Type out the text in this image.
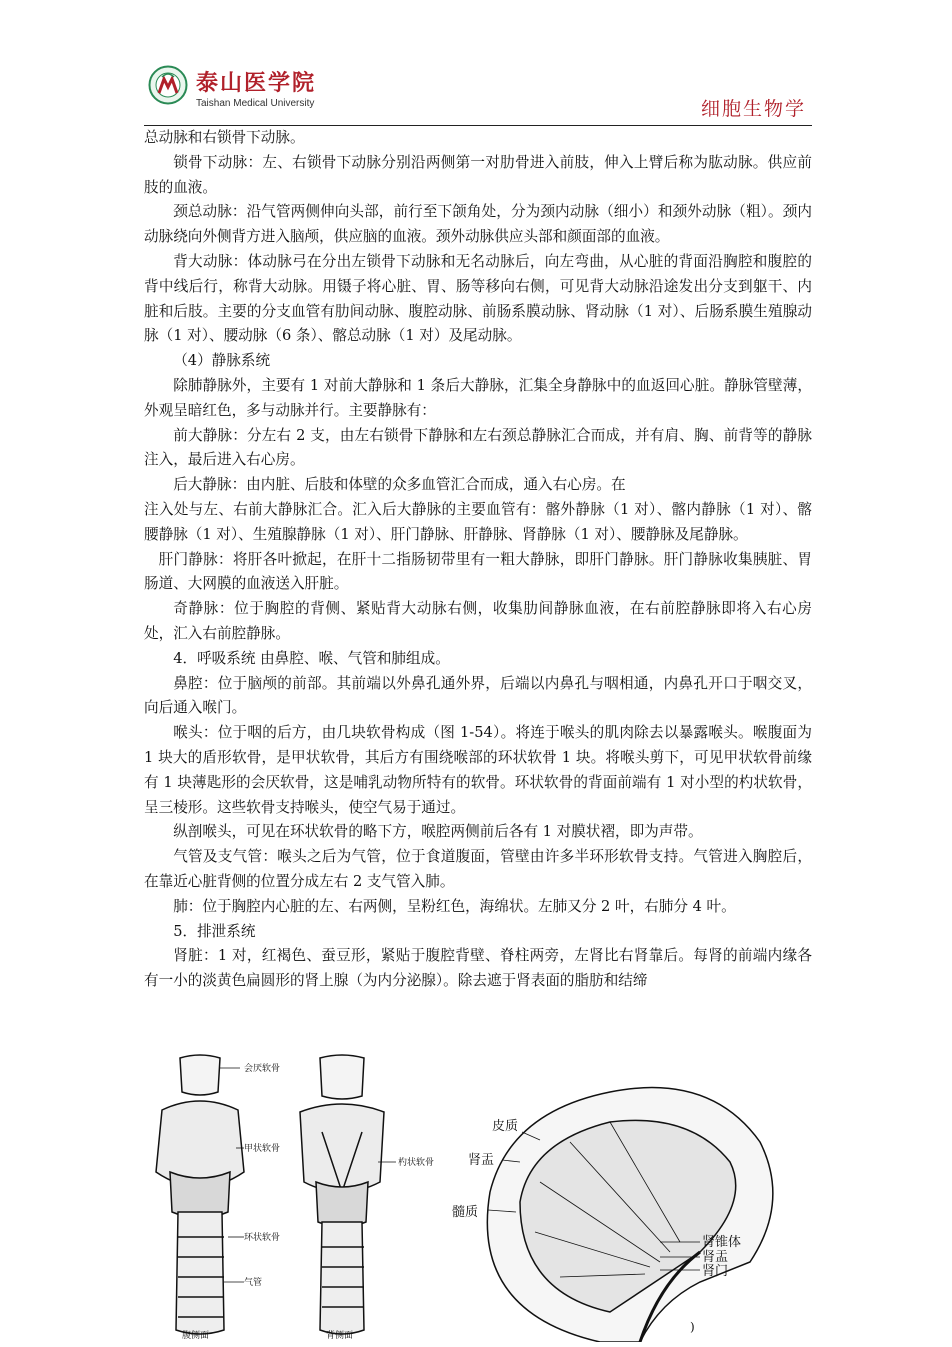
泰山医学院
Taishan Medical University	细胞生物学

总动脉和右锁骨下动脉。

锁骨下动脉：左、右锁骨下动脉分别沿两侧第一对肋骨进入前肢，伸入上臂后称为肱动脉。供应前肢的血液。

颈总动脉：沿气管两侧伸向头部，前行至下颌角处，分为颈内动脉（细小）和颈外动脉（粗）。颈内动脉绕向外侧背方进入脑颅，供应脑的血液。颈外动脉供应头部和颜面部的血液。

背大动脉：体动脉弓在分出左锁骨下动脉和无名动脉后，向左弯曲，从心脏的背面沿胸腔和腹腔的背中线后行，称背大动脉。用镊子将心脏、胃、肠等移向右侧，可见背大动脉沿途发出分支到躯干、内脏和后肢。主要的分支血管有肋间动脉、腹腔动脉、前肠系膜动脉、肾动脉（1 对）、后肠系膜生殖腺动脉（1 对）、腰动脉（6 条）、髂总动脉（1 对）及尾动脉。

（4）静脉系统

除肺静脉外，主要有 1 对前大静脉和 1 条后大静脉，汇集全身静脉中的血返回心脏。静脉管壁薄，外观呈暗红色，多与动脉并行。主要静脉有：

前大静脉：分左右 2 支，由左右锁骨下静脉和左右颈总静脉汇合而成，并有肩、胸、前背等的静脉注入，最后进入右心房。

后大静脉：由内脏、后肢和体壁的众多血管汇合而成，通入右心房。在

注入处与左、右前大静脉汇合。汇入后大静脉的主要血管有：髂外静脉（1 对）、髂内静脉（1 对）、髂腰静脉（1 对）、生殖腺静脉（1 对）、肝门静脉、肝静脉、肾静脉（1 对）、腰静脉及尾静脉。

肝门静脉：将肝各叶掀起，在肝十二指肠韧带里有一粗大静脉，即肝门静脉。肝门静脉收集胰脏、胃肠道、大网膜的血液送入肝脏。

奇静脉：位于胸腔的背侧、紧贴背大动脉右侧，收集肋间静脉血液，在右前腔静脉即将入右心房处，汇入右前腔静脉。

4．呼吸系统 由鼻腔、喉、气管和肺组成。

鼻腔：位于脑颅的前部。其前端以外鼻孔通外界，后端以内鼻孔与咽相通，内鼻孔开口于咽交叉，向后通入喉门。

喉头：位于咽的后方，由几块软骨构成（图 1-54）。将连于喉头的肌肉除去以暴露喉头。喉腹面为 1 块大的盾形软骨，是甲状软骨，其后方有围绕喉部的环状软骨 1 块。将喉头剪下，可见甲状软骨前缘有 1 块薄匙形的会厌软骨，这是哺乳动物所特有的软骨。环状软骨的背面前端有 1 对小型的杓状软骨，呈三棱形。这些软骨支持喉头，使空气易于通过。

纵剖喉头，可见在环状软骨的略下方，喉腔两侧前后各有 1 对膜状褶，即为声带。

气管及支气管：喉头之后为气管，位于食道腹面，管壁由许多半环形软骨支持。气管进入胸腔后，在靠近心脏背侧的位置分成左右 2 支气管入肺。

肺：位于胸腔内心脏的左、右两侧，呈粉红色，海绵状。左肺又分 2 叶，右肺分 4 叶。

5．排泄系统

肾脏：1 对，红褐色、蚕豆形，紧贴于腹腔背壁、脊柱两旁，左肾比右肾靠后。每肾的前端内缘各有一小的淡黄色扁圆形的肾上腺（为内分泌腺）。除去遮于肾表面的脂肪和结缔

会厌软骨
甲状软骨
杓状软骨
环状软骨
气管
腹侧面	背侧面
皮质
肾盂
髓质
肾锥体
肾盂
肾门
)
